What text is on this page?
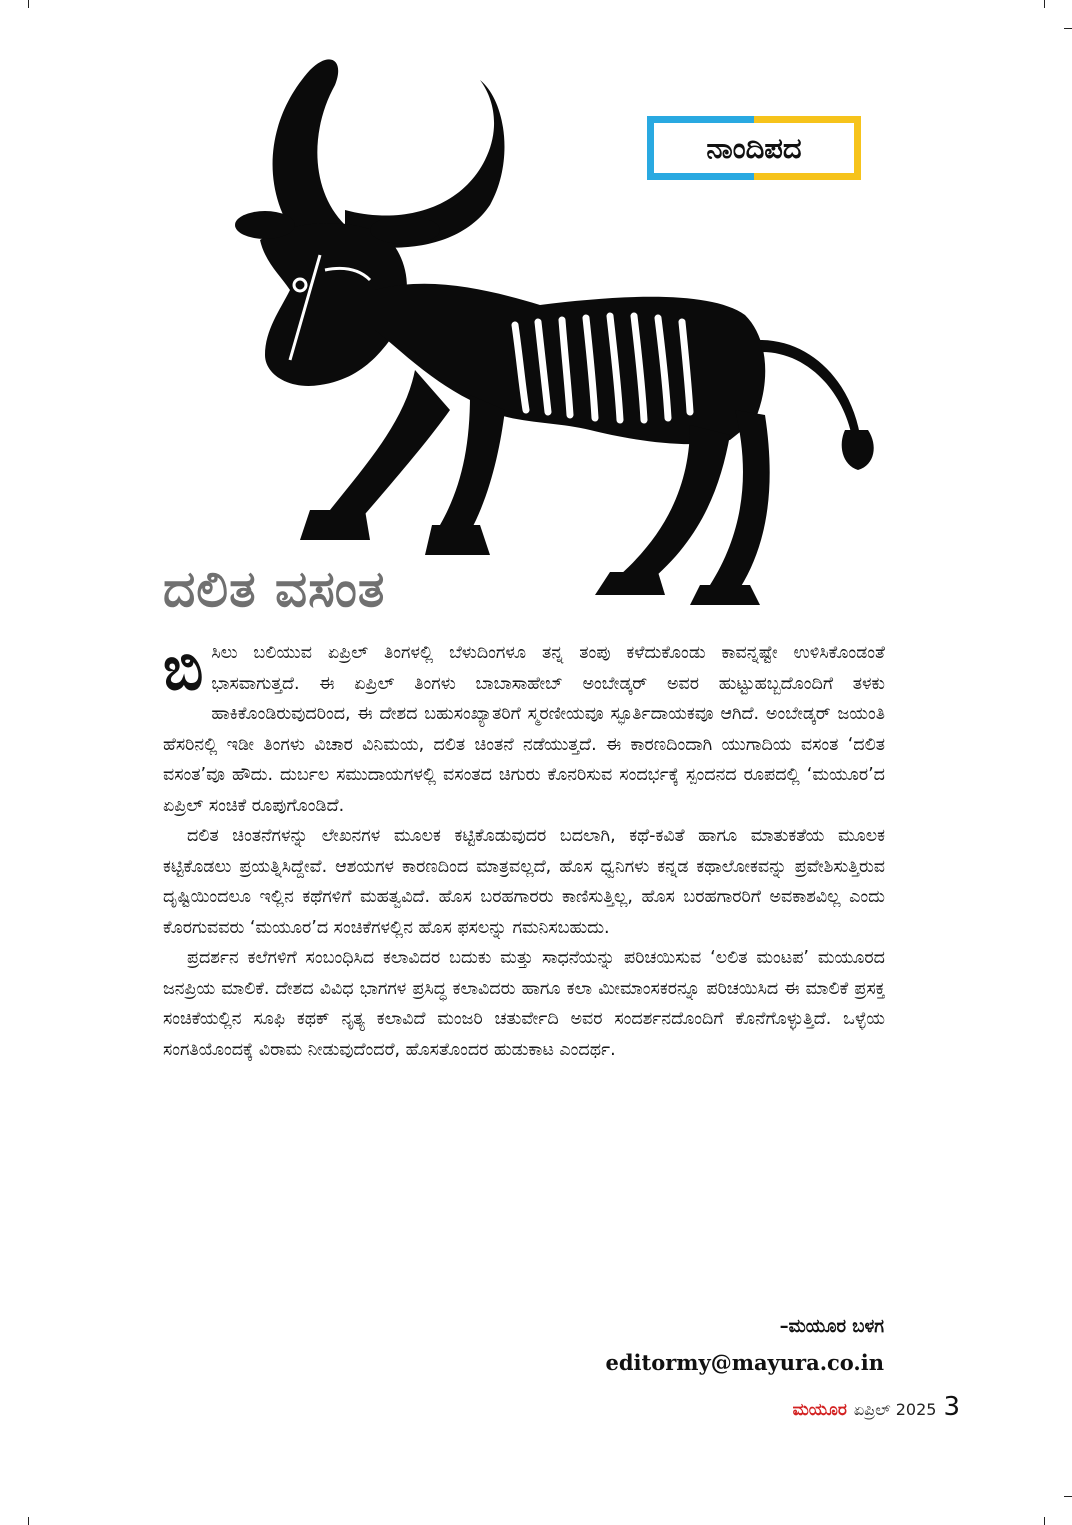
ನಾಂದಿಪದ
ದಲಿತ ವಸಂತ

ಬಿಸಿಲು ಬಲಿಯುವ ಏಪ್ರಿಲ್ ತಿಂಗಳಲ್ಲಿ ಬೆಳುದಿಂಗಳೂ ತನ್ನ ತಂಪು ಕಳೆದುಕೊಂಡು ಕಾವನ್ನಷ್ಟೇ ಉಳಿಸಿಕೊಂಡಂತೆ ಭಾಸವಾಗುತ್ತದೆ. ಈ ಏಪ್ರಿಲ್ ತಿಂಗಳು ಬಾಬಾಸಾಹೇಬ್ ಅಂಬೇಡ್ಕರ್ ಅವರ ಹುಟ್ಟುಹಬ್ಬದೊಂದಿಗೆ ತಳಕು ಹಾಕಿಕೊಂಡಿರುವುದರಿಂದ, ಈ ದೇಶದ ಬಹುಸಂಖ್ಯಾತರಿಗೆ ಸ್ಮರಣೀಯವೂ ಸ್ಫೂರ್ತಿದಾಯಕವೂ ಆಗಿದೆ. ಅಂಬೇಡ್ಕರ್ ಜಯಂತಿ ಹೆಸರಿನಲ್ಲಿ ಇಡೀ ತಿಂಗಳು ವಿಚಾರ ವಿನಿಮಯ, ದಲಿತ ಚಿಂತನೆ ನಡೆಯುತ್ತದೆ. ಈ ಕಾರಣದಿಂದಾಗಿ ಯುಗಾದಿಯ ವಸಂತ ‘ದಲಿತ ವಸಂತ’ವೂ ಹೌದು. ದುರ್ಬಲ ಸಮುದಾಯಗಳಲ್ಲಿ ವಸಂತದ ಚಿಗುರು ಕೊನರಿಸುವ ಸಂದರ್ಭಕ್ಕೆ ಸ್ಪಂದನದ ರೂಪದಲ್ಲಿ ‘ಮಯೂರ’ದ ಏಪ್ರಿಲ್ ಸಂಚಿಕೆ ರೂಪುಗೊಂಡಿದೆ.

ದಲಿತ ಚಿಂತನೆಗಳನ್ನು ಲೇಖನಗಳ ಮೂಲಕ ಕಟ್ಟಿಕೊಡುವುದರ ಬದಲಾಗಿ, ಕಥೆ-ಕವಿತೆ ಹಾಗೂ ಮಾತುಕತೆಯ ಮೂಲಕ ಕಟ್ಟಿಕೊಡಲು ಪ್ರಯತ್ನಿಸಿದ್ದೇವೆ. ಆಶಯಗಳ ಕಾರಣದಿಂದ ಮಾತ್ರವಲ್ಲದೆ, ಹೊಸ ಧ್ವನಿಗಳು ಕನ್ನಡ ಕಥಾಲೋಕವನ್ನು ಪ್ರವೇಶಿಸುತ್ತಿರುವ ದೃಷ್ಟಿಯಿಂದಲೂ ಇಲ್ಲಿನ ಕಥೆಗಳಿಗೆ ಮಹತ್ವವಿದೆ. ಹೊಸ ಬರಹಗಾರರು ಕಾಣಿಸುತ್ತಿಲ್ಲ, ಹೊಸ ಬರಹಗಾರರಿಗೆ ಅವಕಾಶವಿಲ್ಲ ಎಂದು ಕೊರಗುವವರು ‘ಮಯೂರ’ದ ಸಂಚಿಕೆಗಳಲ್ಲಿನ ಹೊಸ ಫಸಲನ್ನು ಗಮನಿಸಬಹುದು.

ಪ್ರದರ್ಶನ ಕಲೆಗಳಿಗೆ ಸಂಬಂಧಿಸಿದ ಕಲಾವಿದರ ಬದುಕು ಮತ್ತು ಸಾಧನೆಯನ್ನು ಪರಿಚಯಿಸುವ ‘ಲಲಿತ ಮಂಟಪ’ ಮಯೂರದ ಜನಪ್ರಿಯ ಮಾಲಿಕೆ. ದೇಶದ ವಿವಿಧ ಭಾಗಗಳ ಪ್ರಸಿದ್ಧ ಕಲಾವಿದರು ಹಾಗೂ ಕಲಾ ಮೀಮಾಂಸಕರನ್ನೂ ಪರಿಚಯಿಸಿದ ಈ ಮಾಲಿಕೆ ಪ್ರಸಕ್ತ ಸಂಚಿಕೆಯಲ್ಲಿನ ಸೂಫಿ ಕಥಕ್ ನೃತ್ಯ ಕಲಾವಿದೆ ಮಂಜರಿ ಚತುರ್ವೇದಿ ಅವರ ಸಂದರ್ಶನದೊಂದಿಗೆ ಕೊನೆಗೊಳ್ಳುತ್ತಿದೆ. ಒಳ್ಳೆಯ ಸಂಗತಿಯೊಂದಕ್ಕೆ ವಿರಾಮ ನೀಡುವುದೆಂದರೆ, ಹೊಸತೊಂದರ ಹುಡುಕಾಟ ಎಂದರ್ಥ.

–ಮಯೂರ ಬಳಗ
editormy@mayura.co.in
ಮಯೂರ ಏಪ್ರಿಲ್ 2025 3
